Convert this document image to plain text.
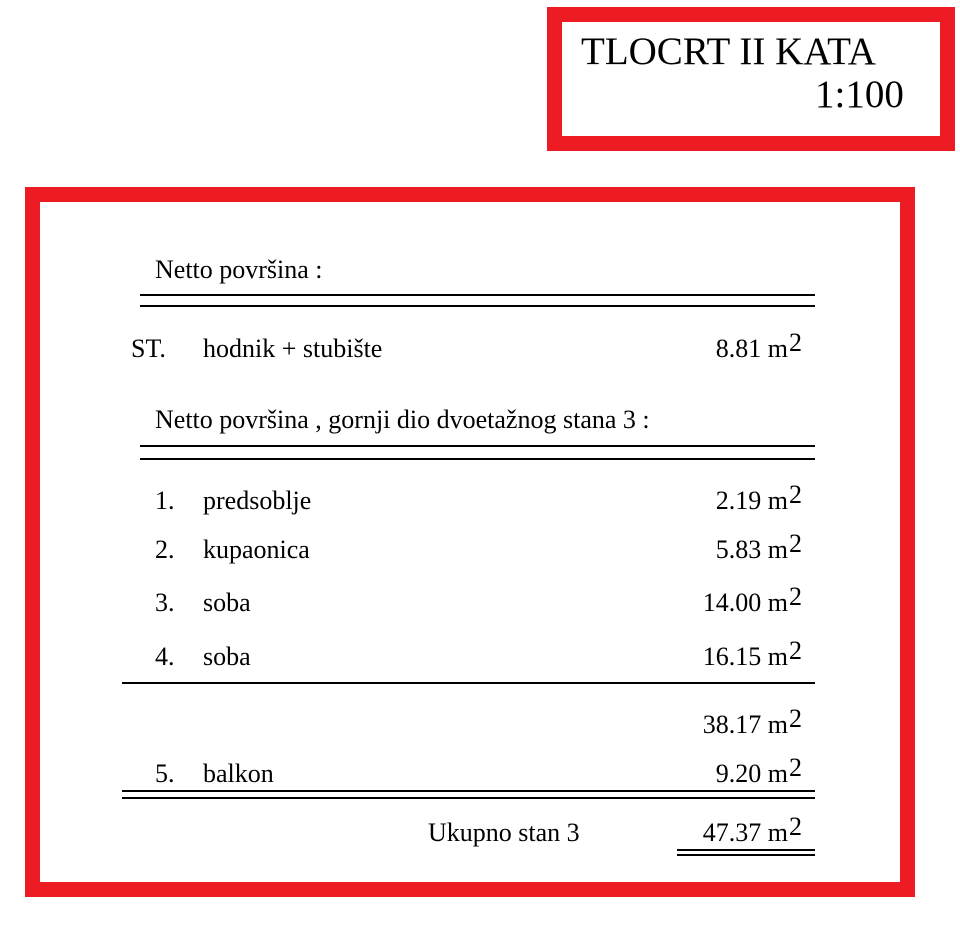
TLOCRT II KATA
1:100
Netto površina :
ST. hodnik + stubište	8.81 $m^2$
Netto površina , gornji dio dvoetažnog stana 3 :
1. predsoblje	2.19 $m^2$
2. kupaonica	5.83 $m^2$
3. soba	14.00 $m^2$
4. soba	16.15 $m^2$
38.17 $m^2$
5. balkon	9.20 $m^2$
Ukupno stan 3	47.37 $m^2$
